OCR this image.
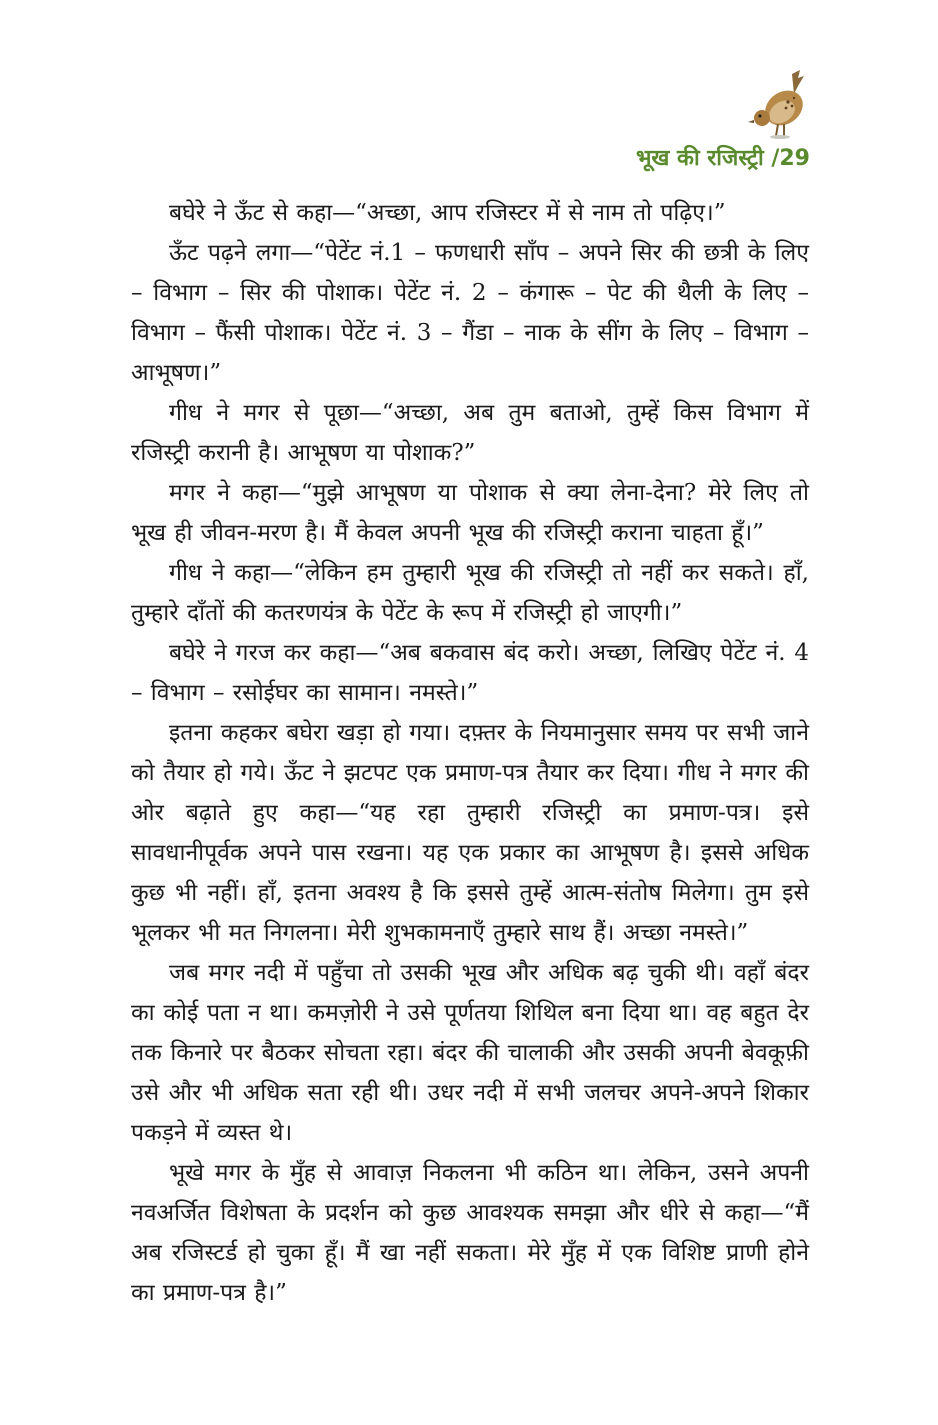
भूख की रजिस्ट्री /29

बघेरे ने ऊँट से कहा—“अच्छा, आप रजिस्टर में से नाम तो पढ़िए।”

ऊँट पढ़ने लगा—“पेटेंट नं.1 – फणधारी साँप – अपने सिर की छत्री के लिए – विभाग – सिर की पोशाक। पेटेंट नं. 2 – कंगारू – पेट की थैली के लिए – विभाग – फैंसी पोशाक। पेटेंट नं. 3 – गैंडा – नाक के सींग के लिए – विभाग – आभूषण।”

गीध ने मगर से पूछा—“अच्छा, अब तुम बताओ, तुम्हें किस विभाग में रजिस्ट्री करानी है। आभूषण या पोशाक?”

मगर ने कहा—“मुझे आभूषण या पोशाक से क्या लेना-देना? मेरे लिए तो भूख ही जीवन-मरण है। मैं केवल अपनी भूख की रजिस्ट्री कराना चाहता हूँ।”

गीध ने कहा—“लेकिन हम तुम्हारी भूख की रजिस्ट्री तो नहीं कर सकते। हाँ, तुम्हारे दाँतों की कतरणयंत्र के पेटेंट के रूप में रजिस्ट्री हो जाएगी।”

बघेरे ने गरज कर कहा—“अब बकवास बंद करो। अच्छा, लिखिए पेटेंट नं. 4 – विभाग – रसोईघर का सामान। नमस्ते।”

इतना कहकर बघेरा खड़ा हो गया। दफ़्तर के नियमानुसार समय पर सभी जाने को तैयार हो गये। ऊँट ने झटपट एक प्रमाण-पत्र तैयार कर दिया। गीध ने मगर की ओर बढ़ाते हुए कहा—“यह रहा तुम्हारी रजिस्ट्री का प्रमाण-पत्र। इसे सावधानीपूर्वक अपने पास रखना। यह एक प्रकार का आभूषण है। इससे अधिक कुछ भी नहीं। हाँ, इतना अवश्य है कि इससे तुम्हें आत्म-संतोष मिलेगा। तुम इसे भूलकर भी मत निगलना। मेरी शुभकामनाएँ तुम्हारे साथ हैं। अच्छा नमस्ते।”

जब मगर नदी में पहुँचा तो उसकी भूख और अधिक बढ़ चुकी थी। वहाँ बंदर का कोई पता न था। कमज़ोरी ने उसे पूर्णतया शिथिल बना दिया था। वह बहुत देर तक किनारे पर बैठकर सोचता रहा। बंदर की चालाकी और उसकी अपनी बेवकूफ़ी उसे और भी अधिक सता रही थी। उधर नदी में सभी जलचर अपने-अपने शिकार पकड़ने में व्यस्त थे।

भूखे मगर के मुँह से आवाज़ निकलना भी कठिन था। लेकिन, उसने अपनी नवअर्जित विशेषता के प्रदर्शन को कुछ आवश्यक समझा और धीरे से कहा—“मैं अब रजिस्टर्ड हो चुका हूँ। मैं खा नहीं सकता। मेरे मुँह में एक विशिष्ट प्राणी होने का प्रमाण-पत्र है।”
